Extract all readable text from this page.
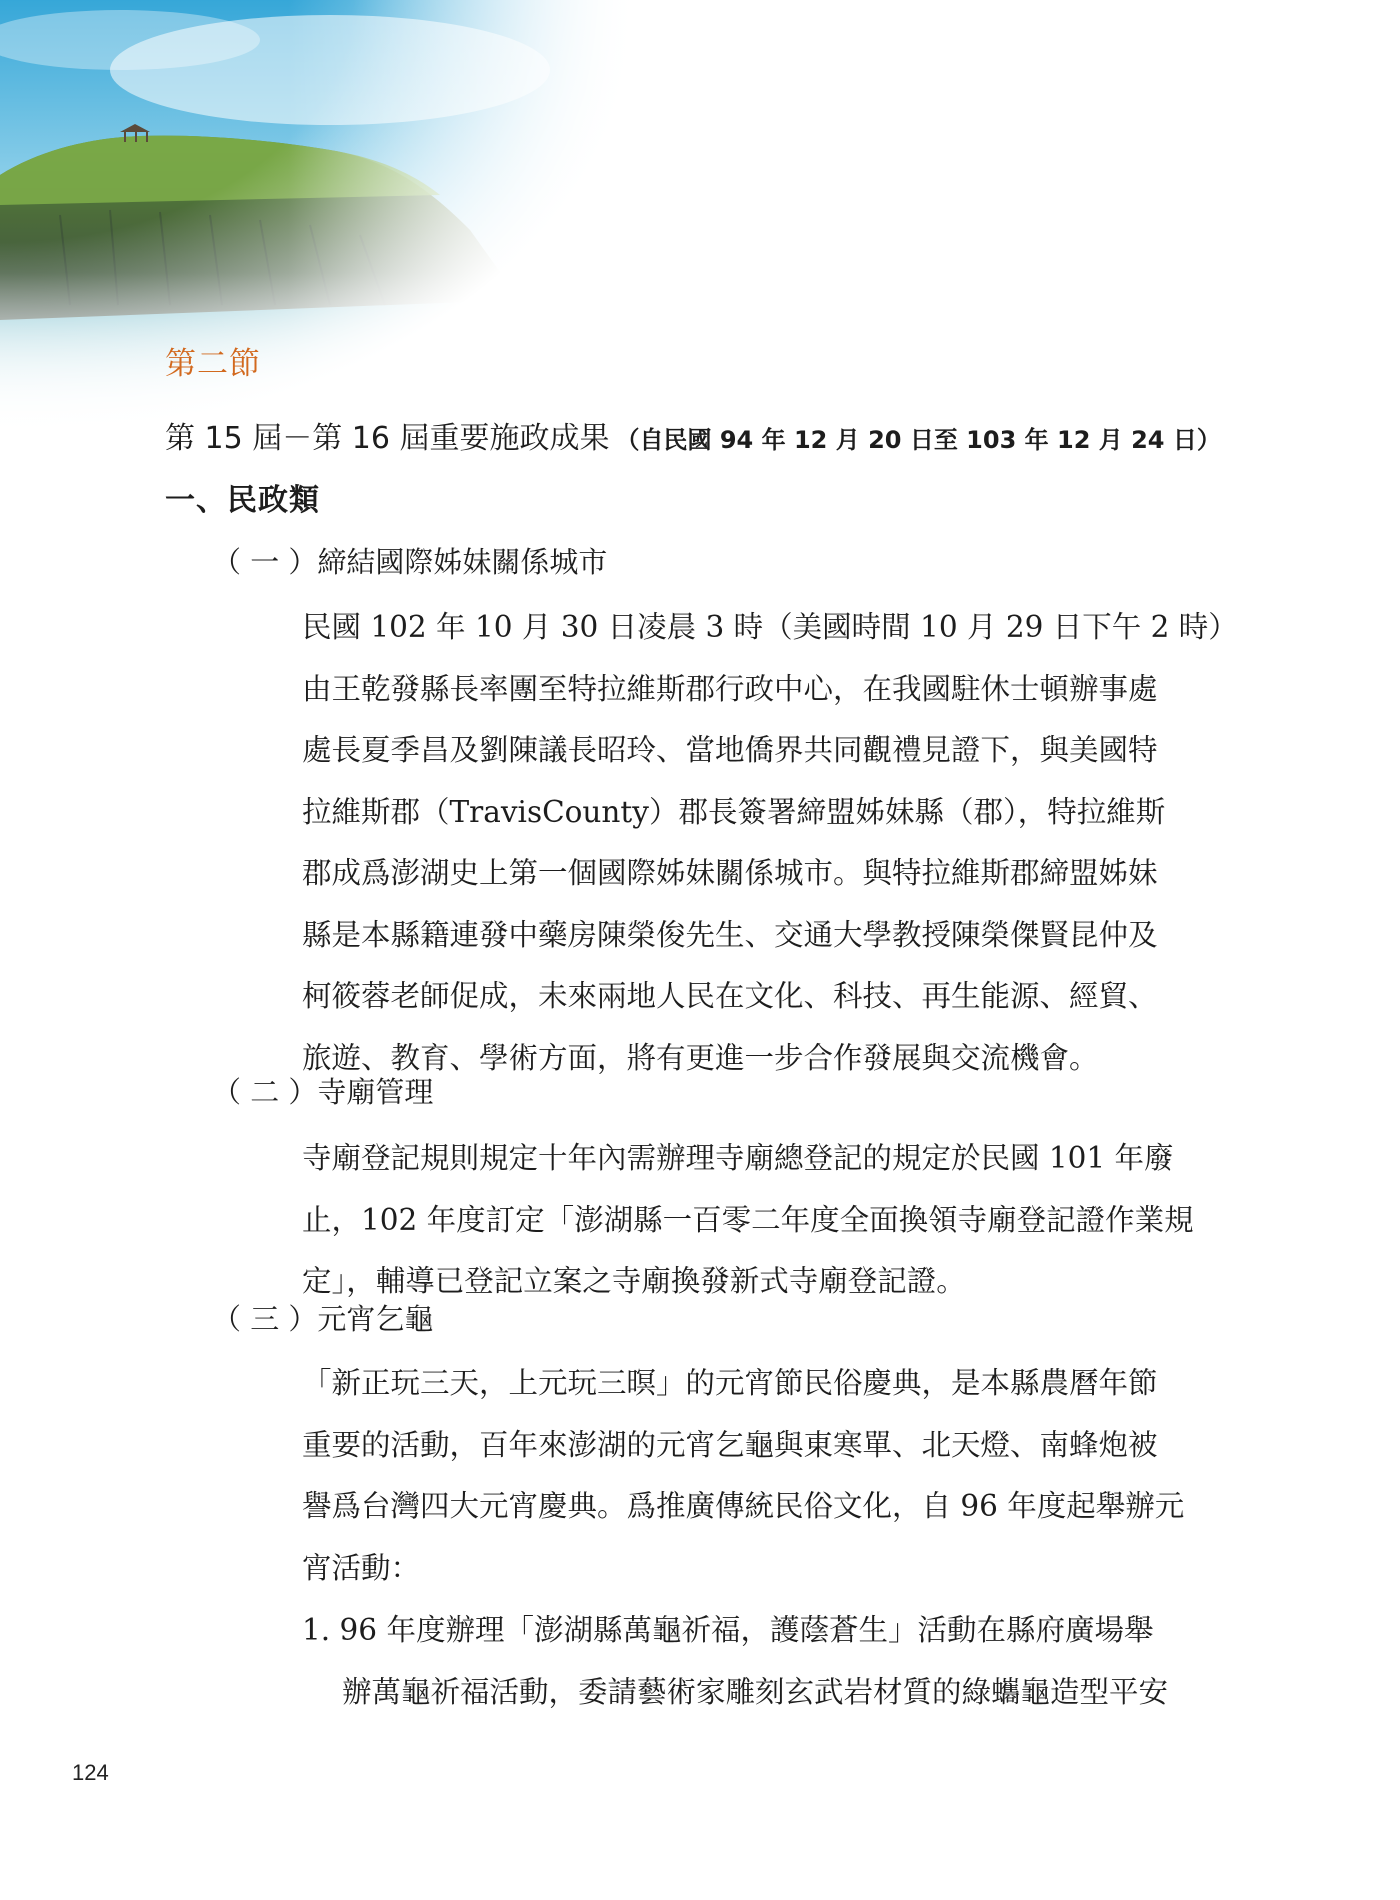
第二節
第 15 屆－第 16 屆重要施政成果 （自民國 94 年 12 月 20 日至 103 年 12 月 24 日）
一、民政類
（ 一 ）締結國際姊妹關係城市

民國 102 年 10 月 30 日凌晨 3 時（美國時間 10 月 29 日下午 2 時）

由王乾發縣長率團至特拉維斯郡行政中心，在我國駐休士頓辦事處

處長夏季昌及劉陳議長昭玲、當地僑界共同觀禮見證下，與美國特

拉維斯郡（TravisCounty）郡長簽署締盟姊妹縣（郡），特拉維斯

郡成爲澎湖史上第一個國際姊妹關係城市。與特拉維斯郡締盟姊妹

縣是本縣籍連發中藥房陳榮俊先生、交通大學教授陳榮傑賢昆仲及

柯筱蓉老師促成，未來兩地人民在文化、科技、再生能源、經貿、

旅遊、教育、學術方面，將有更進一步合作發展與交流機會。

（ 二 ）寺廟管理

寺廟登記規則規定十年內需辦理寺廟總登記的規定於民國 101 年廢

止，102 年度訂定「澎湖縣一百零二年度全面換領寺廟登記證作業規

定」，輔導已登記立案之寺廟換發新式寺廟登記證。

（ 三 ）元宵乞龜

「新正玩三天，上元玩三暝」的元宵節民俗慶典，是本縣農曆年節

重要的活動，百年來澎湖的元宵乞龜與東寒單、北天燈、南蜂炮被

譽爲台灣四大元宵慶典。爲推廣傳統民俗文化，自 96 年度起舉辦元

宵活動：

1. 96 年度辦理「澎湖縣萬龜祈福，護蔭蒼生」活動在縣府廣場舉

辦萬龜祈福活動，委請藝術家雕刻玄武岩材質的綠蠵龜造型平安

124
